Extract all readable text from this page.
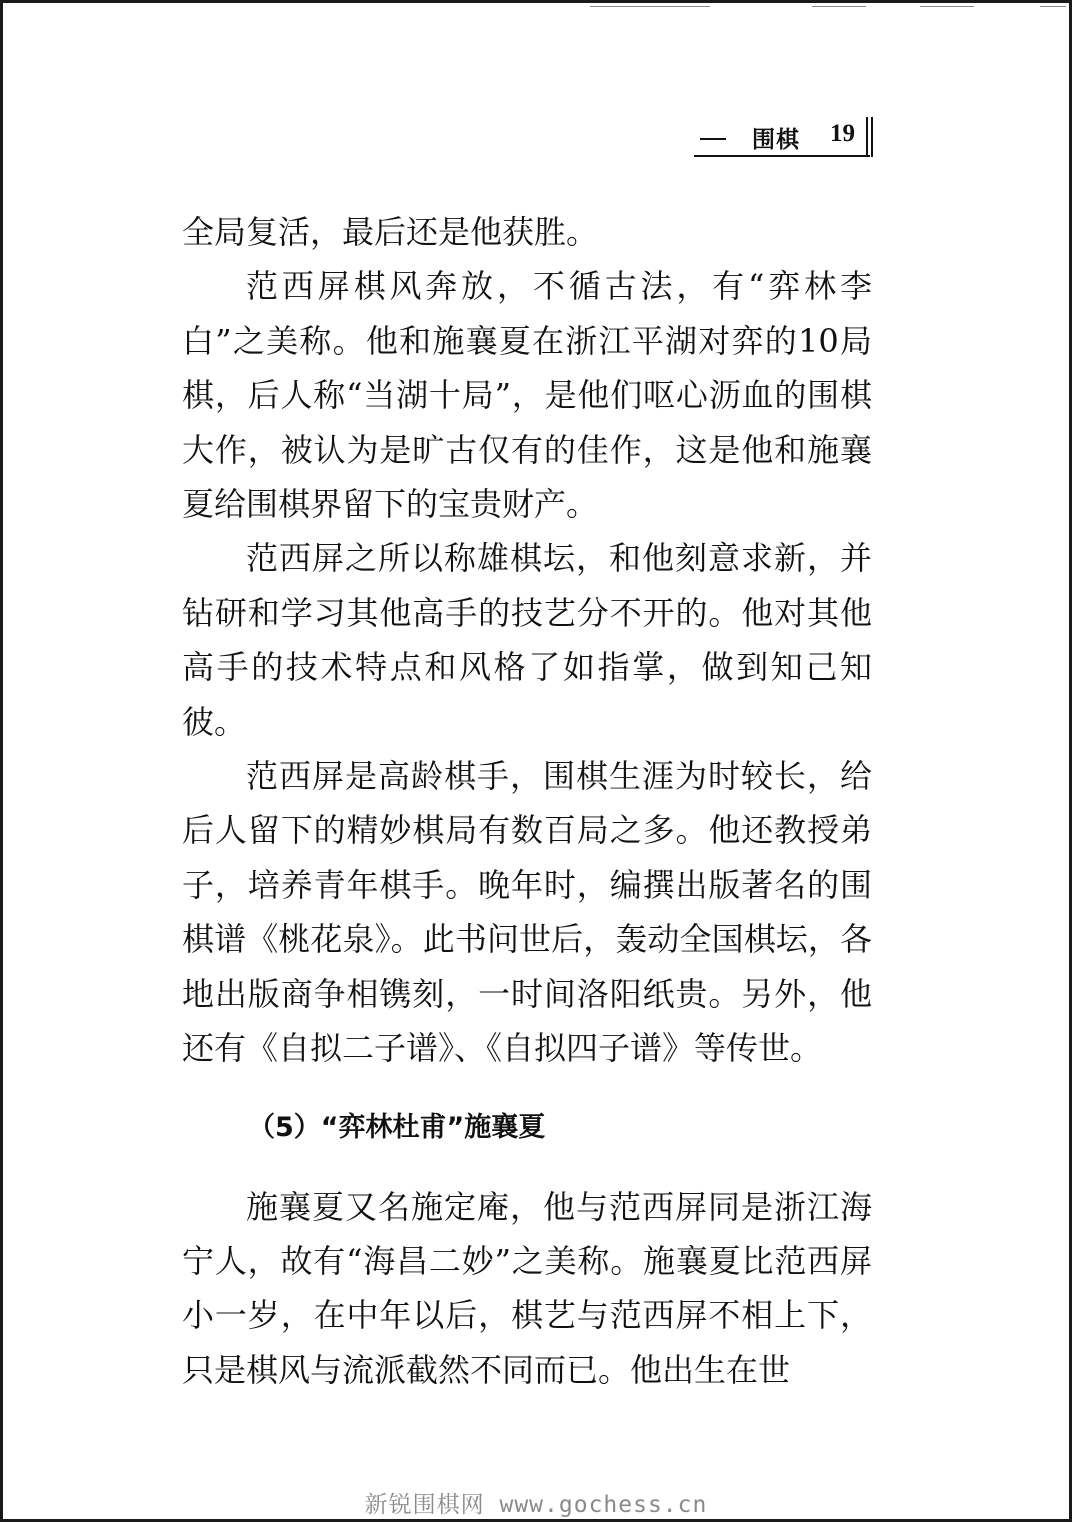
围棋 19

全局复活，最后还是他获胜。

范西屏棋风奔放，不循古法，有“弈林李白”之美称。他和施襄夏在浙江平湖对弈的10局棋，后人称“当湖十局”，是他们呕心沥血的围棋大作，被认为是旷古仅有的佳作，这是他和施襄夏给围棋界留下的宝贵财产。

范西屏之所以称雄棋坛，和他刻意求新，并钻研和学习其他高手的技艺分不开的。他对其他高手的技术特点和风格了如指掌，做到知己知彼。

范西屏是高龄棋手，围棋生涯为时较长，给后人留下的精妙棋局有数百局之多。他还教授弟子，培养青年棋手。晚年时，编撰出版著名的围棋谱《桃花泉》。此书问世后，轰动全国棋坛，各地出版商争相镌刻，一时间洛阳纸贵。另外，他还有《自拟二子谱》、《自拟四子谱》等传世。

（5）“弈林杜甫”施襄夏

施襄夏又名施定庵，他与范西屏同是浙江海宁人，故有“海昌二妙”之美称。施襄夏比范西屏小一岁，在中年以后，棋艺与范西屏不相上下，只是棋风与流派截然不同而已。他出生在世

新锐围棋网 www.gochess.cn
